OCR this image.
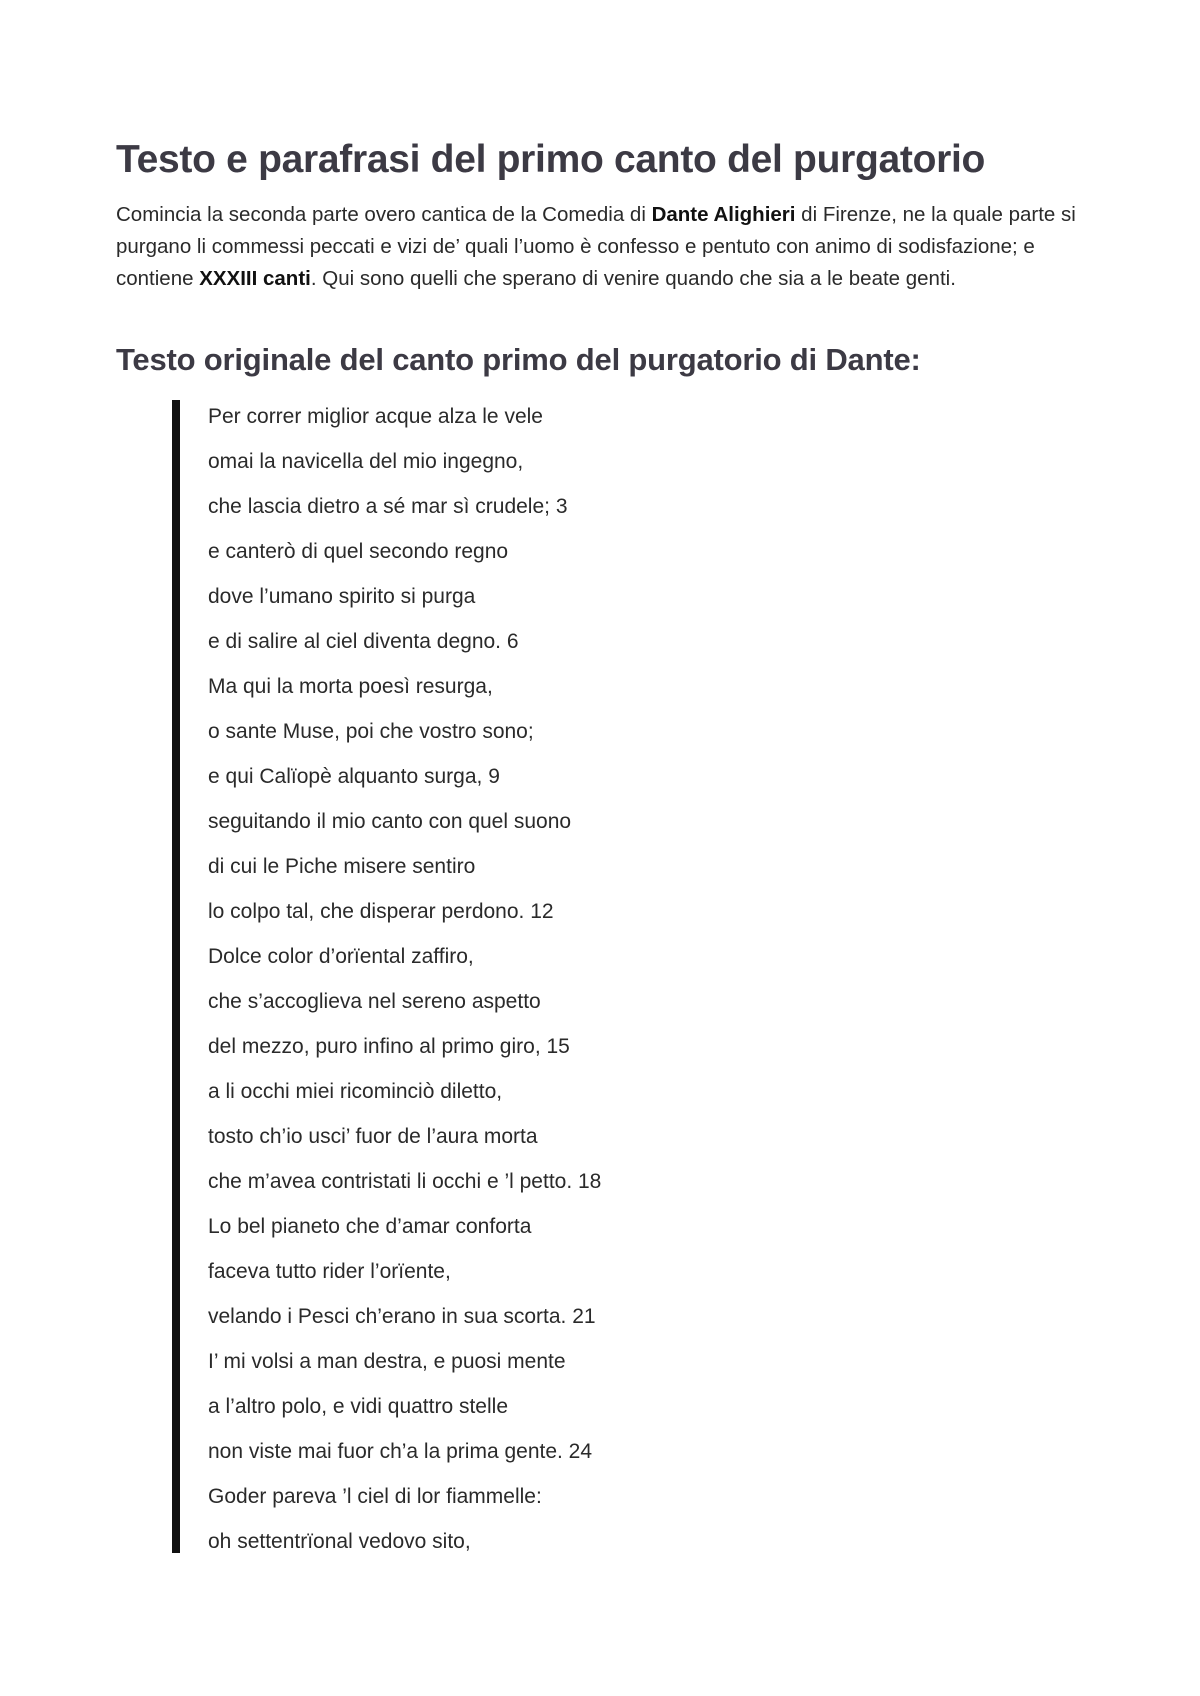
Testo e parafrasi del primo canto del purgatorio

Comincia la seconda parte overo cantica de la Comedia di Dante Alighieri di Firenze, ne la quale parte si purgano li commessi peccati e vizi de’ quali l’uomo è confesso e pentuto con animo di sodisfazione; e contiene XXXIII canti. Qui sono quelli che sperano di venire quando che sia a le beate genti.

Testo originale del canto primo del purgatorio di Dante:
Per correr miglior acque alza le vele
omai la navicella del mio ingegno,
che lascia dietro a sé mar sì crudele; 3
e canterò di quel secondo regno
dove l’umano spirito si purga
e di salire al ciel diventa degno. 6
Ma qui la morta poesì resurga,
o sante Muse, poi che vostro sono;
e qui Calïopè alquanto surga, 9
seguitando il mio canto con quel suono
di cui le Piche misere sentiro
lo colpo tal, che disperar perdono. 12
Dolce color d’orïental zaffiro,
che s’accoglieva nel sereno aspetto
del mezzo, puro infino al primo giro, 15
a li occhi miei ricominciò diletto,
tosto ch’io usci’ fuor de l’aura morta
che m’avea contristati li occhi e ’l petto. 18
Lo bel pianeto che d’amar conforta
faceva tutto rider l’orïente,
velando i Pesci ch’erano in sua scorta. 21
I’ mi volsi a man destra, e puosi mente
a l’altro polo, e vidi quattro stelle
non viste mai fuor ch’a la prima gente. 24
Goder pareva ’l ciel di lor fiammelle:
oh settentrïonal vedovo sito,
